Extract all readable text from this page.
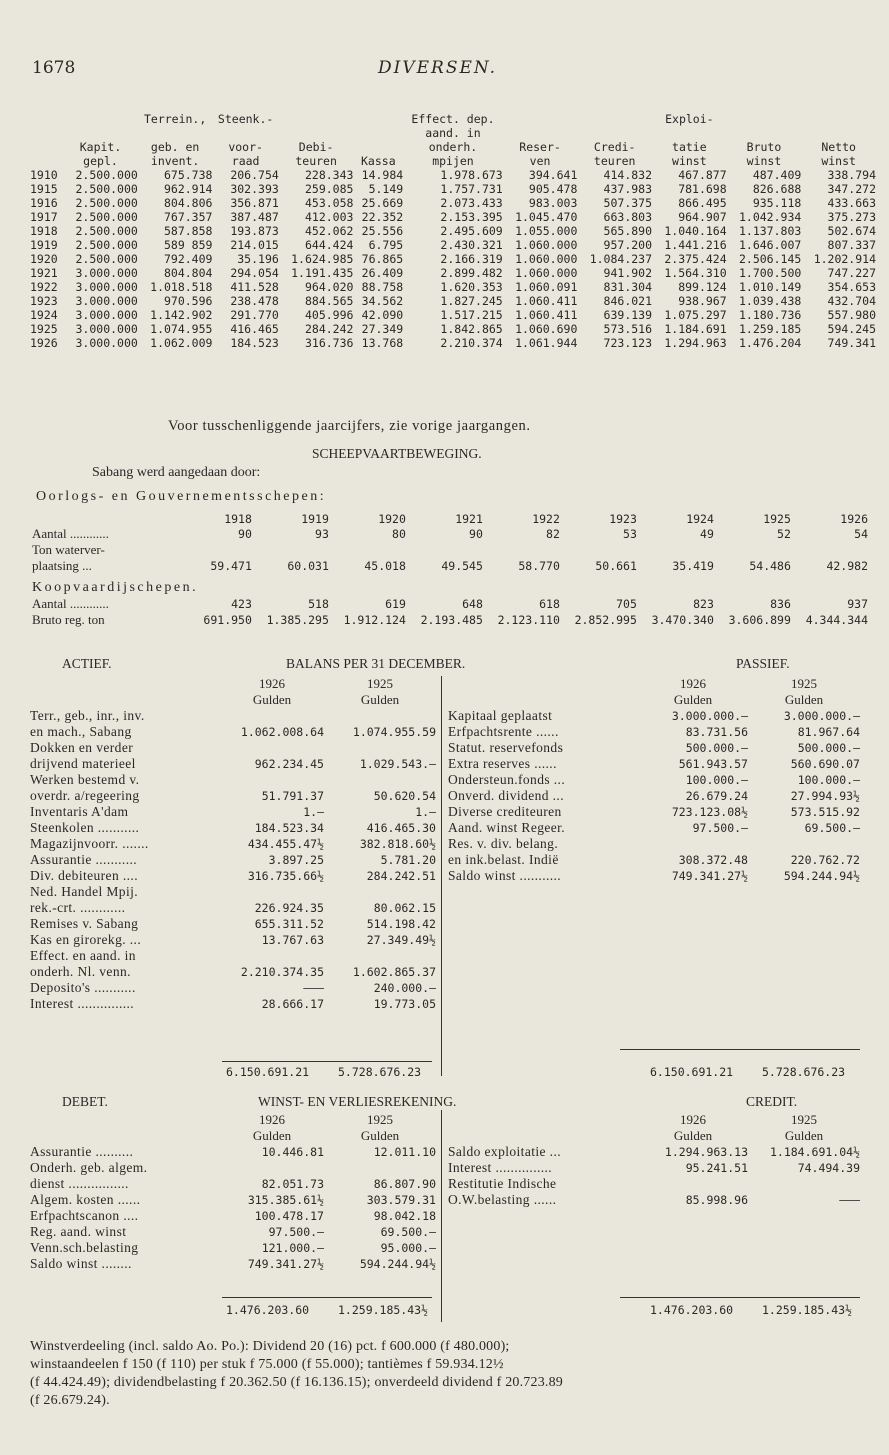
1678	DIVERSEN.
		Terrein.,	Steenk.-			Effect. dep.			Exploi-		
						aand. in					
	Kapit.	geb. en	voor-	Debi-		onderh.	Reser-	Credi-	tatie	Bruto	Netto
	gepl.	invent.	raad	teuren	Kassa	mpijen	ven	teuren	winst	winst	winst
1910	2.500.000	675.738	206.754	228.343	14.984	1.978.673	394.641	414.832	467.877	487.409	338.794
1915	2.500.000	962.914	302.393	259.085	5.149	1.757.731	905.478	437.983	781.698	826.688	347.272
1916	2.500.000	804.806	356.871	453.058	25.669	2.073.433	983.003	507.375	866.495	935.118	433.663
1917	2.500.000	767.357	387.487	412.003	22.352	2.153.395	1.045.470	663.803	964.907	1.042.934	375.273
1918	2.500.000	587.858	193.873	452.062	25.556	2.495.609	1.055.000	565.890	1.040.164	1.137.803	502.674
1919	2.500.000	589 859	214.015	644.424	6.795	2.430.321	1.060.000	957.200	1.441.216	1.646.007	807.337
1920	2.500.000	792.409	35.196	1.624.985	76.865	2.166.319	1.060.000	1.084.237	2.375.424	2.506.145	1.202.914
1921	3.000.000	804.804	294.054	1.191.435	26.409	2.899.482	1.060.000	941.902	1.564.310	1.700.500	747.227
1922	3.000.000	1.018.518	411.528	964.020	88.758	1.620.353	1.060.091	831.304	899.124	1.010.149	354.653
1923	3.000.000	970.596	238.478	884.565	34.562	1.827.245	1.060.411	846.021	938.967	1.039.438	432.704
1924	3.000.000	1.142.902	291.770	405.996	42.090	1.517.215	1.060.411	639.139	1.075.297	1.180.736	557.980
1925	3.000.000	1.074.955	416.465	284.242	27.349	1.842.865	1.060.690	573.516	1.184.691	1.259.185	594.245
1926	3.000.000	1.062.009	184.523	316.736	13.768	2.210.374	1.061.944	723.123	1.294.963	1.476.204	749.341
Voor tusschenliggende jaarcijfers, zie vorige jaargangen.
SCHEEPVAARTBEWEGING.
Sabang werd aangedaan door:
Oorlogs- en Gouvernementsschepen:
	1918	1919	1920	1921	1922	1923	1924	1925	1926
Aantal ............	90	93	80	90	82	53	49	52	54
Ton waterver-									
plaatsing ...	59.471	60.031	45.018	49.545	58.770	50.661	35.419	54.486	42.982
Koopvaardijschepen.									
Aantal ............	423	518	619	648	618	705	823	836	937
Bruto reg. ton	691.950	1.385.295	1.912.124	2.193.485	2.123.110	2.852.995	3.470.340	3.606.899	4.344.344
ACTIEF.	BALANS PER 31 DECEMBER.	PASSIEF.
	1926	1925
	Gulden	Gulden
Terr., geb., inr., inv.		
en mach., Sabang	1.062.008.64	1.074.955.59
Dokken en verder		
drijvend materieel	962.234.45	1.029.543.—
Werken bestemd v.		
overdr. a/regeering	51.791.37	50.620.54
Inventaris A'dam	1.—	1.—
Steenkolen ...........	184.523.34	416.465.30
Magazijnvoorr. .......	434.455.47½	382.818.60½
Assurantie ...........	3.897.25	5.781.20
Div. debiteuren ....	316.735.66½	284.242.51
Ned. Handel Mpij.		
rek.-crt. ............	226.924.35	80.062.15
Remises v. Sabang	655.311.52	514.198.42
Kas en girorekg. ...	13.767.63	27.349.49½
Effect. en aand. in		
onderh. Nl. venn.	2.210.374.35	1.602.865.37
Deposito's ...........	———	240.000.—
Interest ...............	28.666.17	19.773.05
	1926	1925
	Gulden	Gulden
Kapitaal geplaatst	3.000.000.—	3.000.000.—
Erfpachtsrente ......	83.731.56	81.967.64
Statut. reservefonds	500.000.—	500.000.—
Extra reserves ......	561.943.57	560.690.07
Ondersteun.fonds ...	100.000.—	100.000.—
Onverd. dividend ...	26.679.24	27.994.93½
Diverse crediteuren	723.123.08½	573.515.92
Aand. winst Regeer.	97.500.—	69.500.—
Res. v. div. belang.		
en ink.belast. Indië	308.372.48	220.762.72
Saldo winst ...........	749.341.27½	594.244.94½
6.150.691.21	5.728.676.23	6.150.691.21	5.728.676.23
DEBET.	WINST- EN VERLIESREKENING.	CREDIT.
	1926	1925
	Gulden	Gulden
Assurantie ..........	10.446.81	12.011.10
Onderh. geb. algem.		
dienst ................	82.051.73	86.807.90
Algem. kosten ......	315.385.61½	303.579.31
Erfpachtscanon ....	100.478.17	98.042.18
Reg. aand. winst	97.500.—	69.500.—
Venn.sch.belasting	121.000.—	95.000.—
Saldo winst ........	749.341.27½	594.244.94½
	1926	1925
	Gulden	Gulden
Saldo exploitatie ...	1.294.963.13	1.184.691.04½
Interest ...............	95.241.51	74.494.39
Restitutie Indische		
O.W.belasting ......	85.998.96	———
1.476.203.60	1.259.185.43½	1.476.203.60	1.259.185.43½
Winstverdeeling (incl. saldo Ao. Po.): Dividend 20 (16) pct. f 600.000 (f 480.000);
winstaandeelen f 150 (f 110) per stuk f 75.000 (f 55.000); tantièmes f 59.934.12½
(f 44.424.49); dividendbelasting f 20.362.50 (f 16.136.15); onverdeeld dividend f 20.723.89
(f 26.679.24).
